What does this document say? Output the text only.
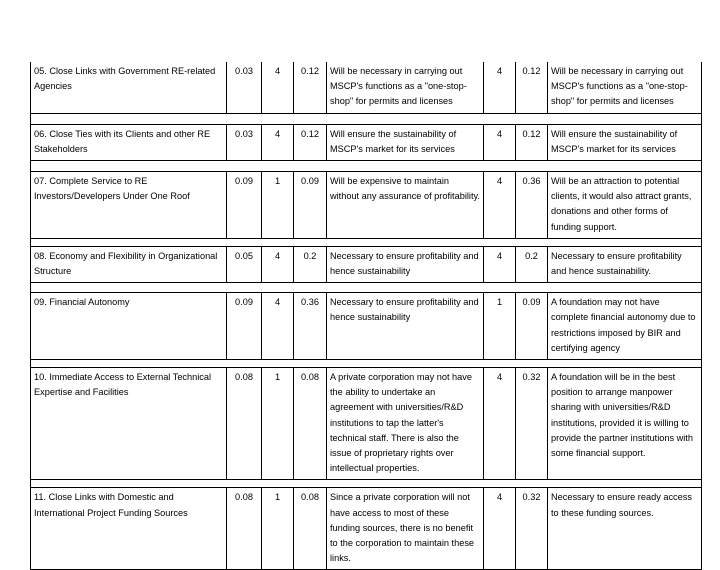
05. Close Links with Government RE-related Agencies	0.03	4	0.12	Will be necessary in carrying out MSCP's functions as a "one-stop-shop" for permits and licenses	4	0.12	Will be necessary in carrying out MSCP's functions as a "one-stop-shop" for permits and licenses

06. Close Ties with its Clients and other RE Stakeholders	0.03	4	0.12	Will ensure the sustainability of MSCP's market for its services	4	0.12	Will ensure the sustainability of MSCP's market for its services

07. Complete Service to RE Investors/Developers Under One Roof	0.09	1	0.09	Will be expensive to maintain without any assurance of profitability.	4	0.36	Will be an attraction to potential clients, it would also attract grants, donations and other forms of funding support.

08. Economy and Flexibility in Organizational Structure	0.05	4	0.2	Necessary to ensure profitability and hence sustainability	4	0.2	Necessary to ensure profitability and hence sustainability.

09. Financial Autonomy	0.09	4	0.36	Necessary to ensure profitability and hence sustainability	1	0.09	A foundation may not have complete financial autonomy due to restrictions imposed by BIR and certifying agency

10. Immediate Access to External Technical Expertise and Facilities	0.08	1	0.08	A private corporation may not have the ability to undertake an agreement with universities/R&D institutions to tap the latter's technical staff. There is also the issue of proprietary rights over intellectual properties.	4	0.32	A foundation will be in the best position to arrange manpower sharing with universities/R&D institutions, provided it is willing to provide the partner institutions with some financial support.

11. Close Links with Domestic and International Project Funding Sources	0.08	1	0.08	Since a private corporation will not have access to most of these funding sources, there is no benefit to the corporation to maintain these links.	4	0.32	Necessary to ensure ready access to these funding sources.
